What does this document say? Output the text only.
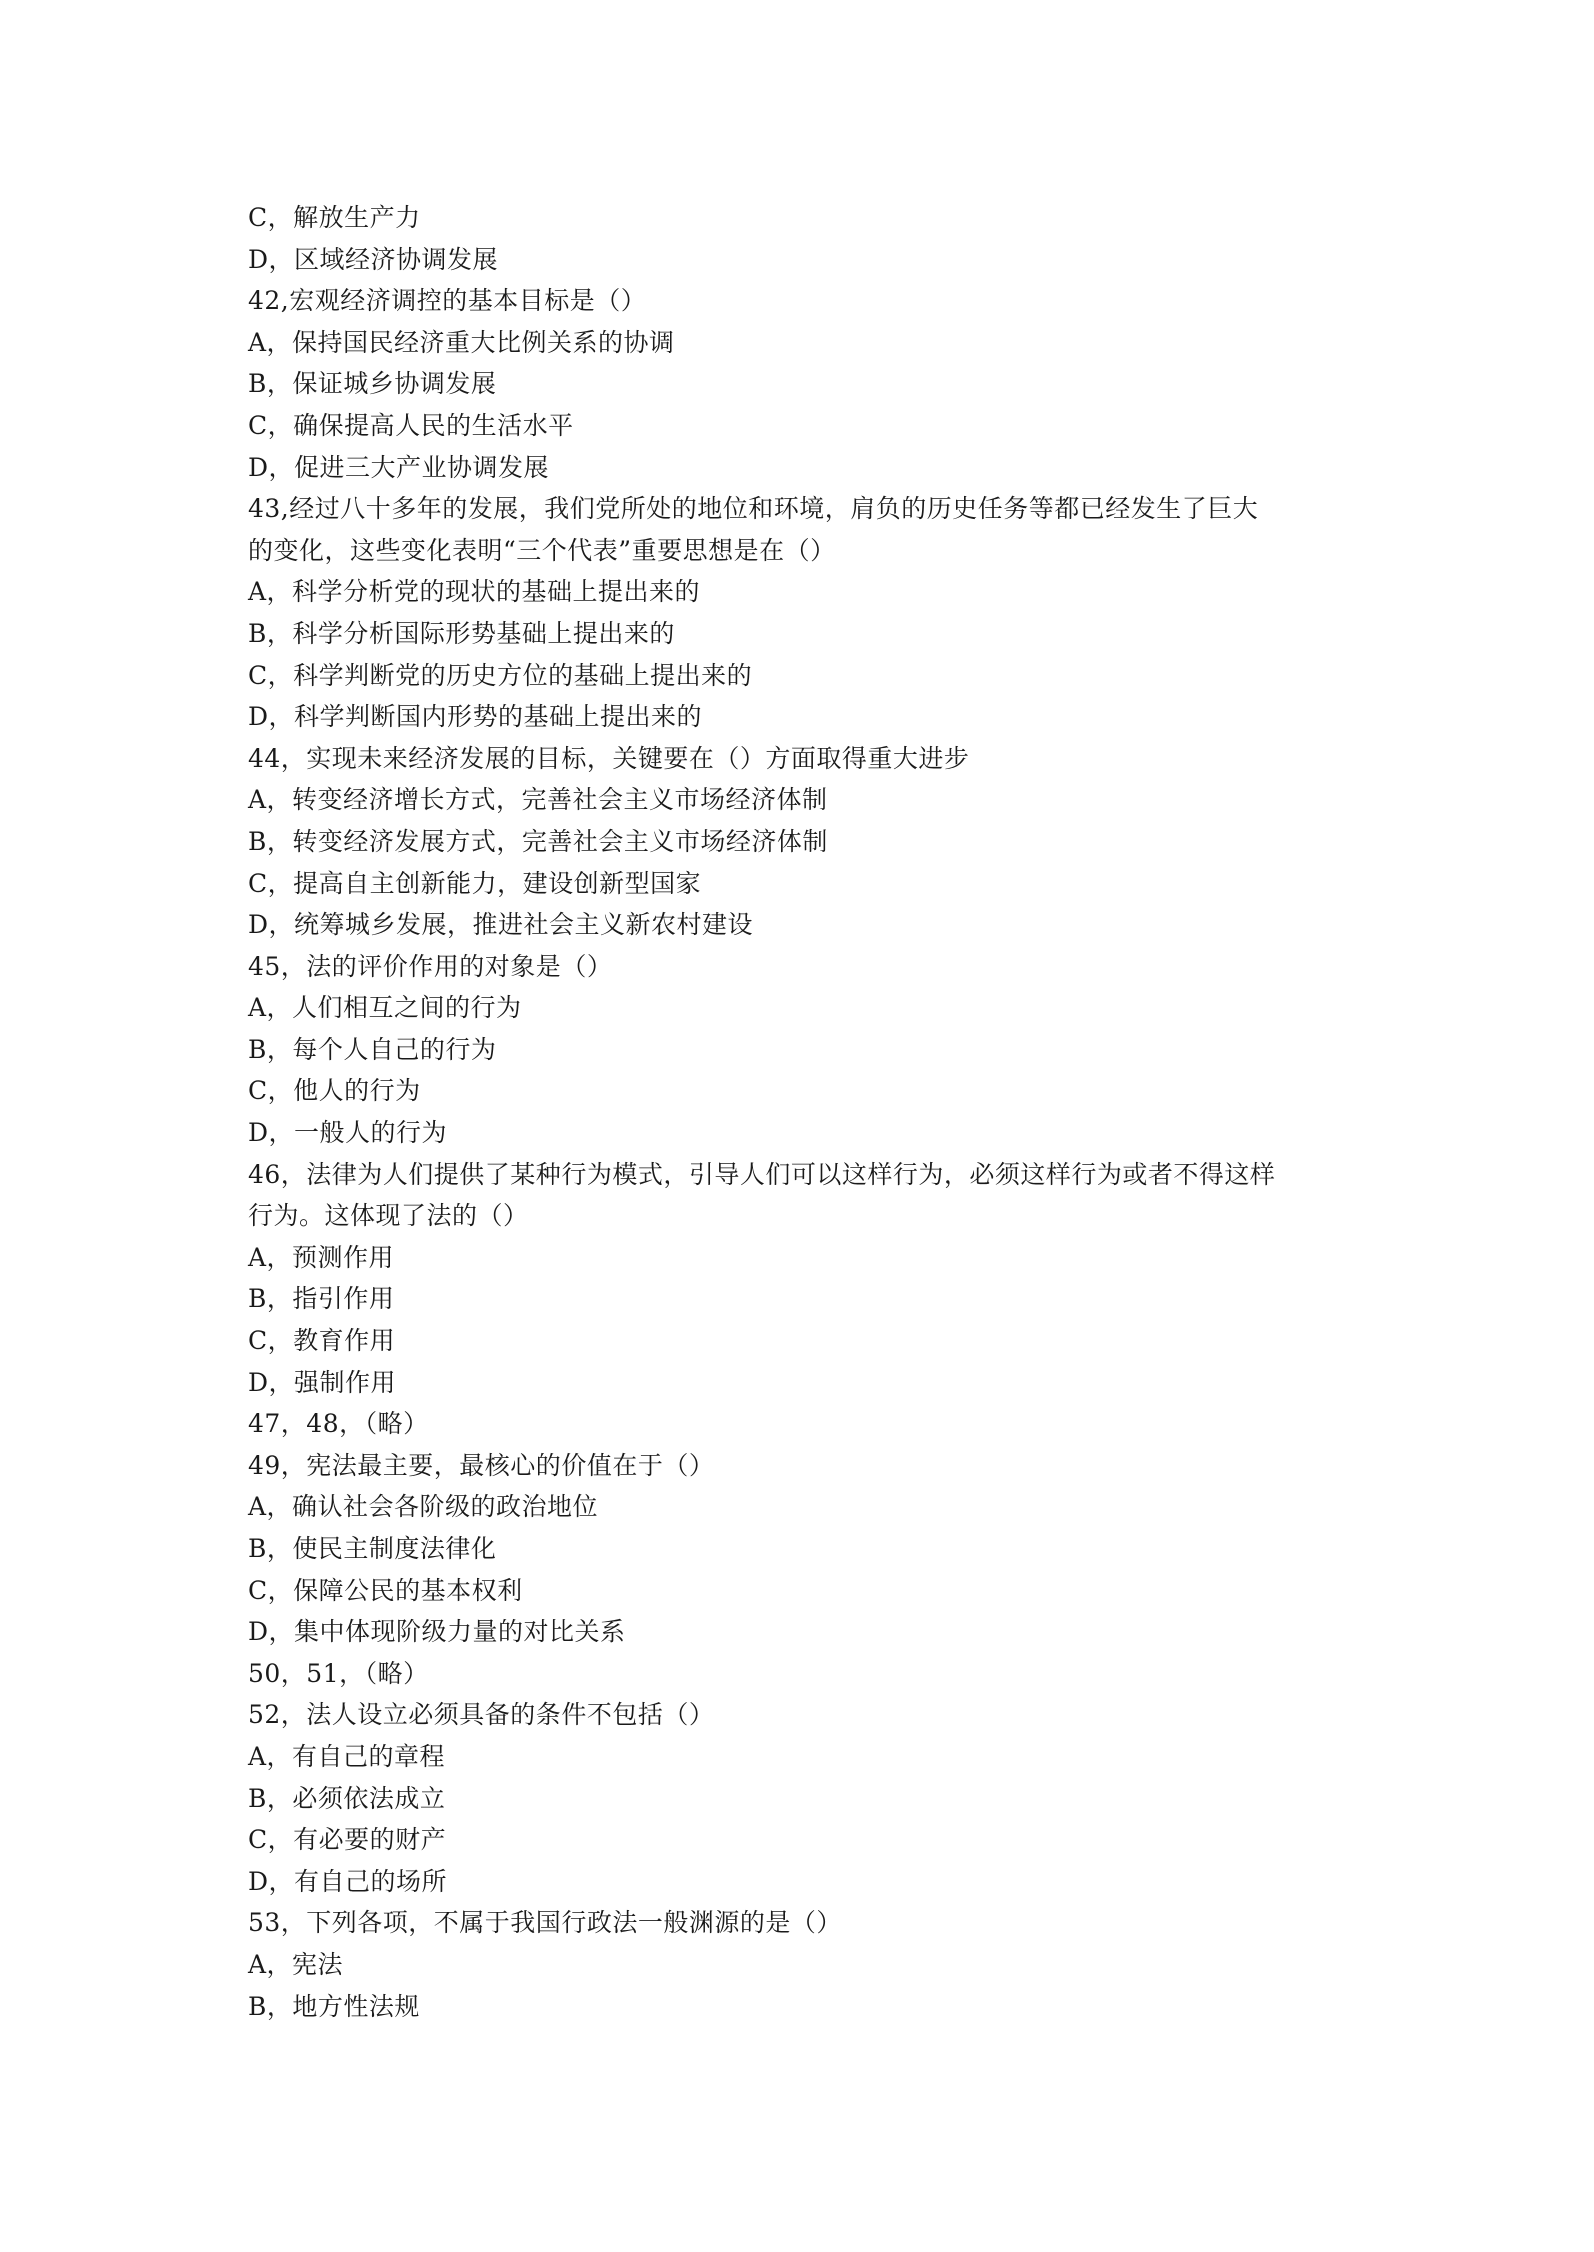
C，解放生产力
D，区域经济协调发展
42,宏观经济调控的基本目标是（）
A，保持国民经济重大比例关系的协调
B，保证城乡协调发展
C，确保提高人民的生活水平
D，促进三大产业协调发展
43,经过八十多年的发展，我们党所处的地位和环境，肩负的历史任务等都已经发生了巨大
的变化，这些变化表明“三个代表”重要思想是在（）
A，科学分析党的现状的基础上提出来的
B，科学分析国际形势基础上提出来的
C，科学判断党的历史方位的基础上提出来的
D，科学判断国内形势的基础上提出来的
44，实现未来经济发展的目标，关键要在（）方面取得重大进步
A，转变经济增长方式，完善社会主义市场经济体制
B，转变经济发展方式，完善社会主义市场经济体制
C，提高自主创新能力，建设创新型国家
D，统筹城乡发展，推进社会主义新农村建设
45，法的评价作用的对象是（）
A，人们相互之间的行为
B，每个人自己的行为
C，他人的行为
D，一般人的行为
46，法律为人们提供了某种行为模式，引导人们可以这样行为，必须这样行为或者不得这样
行为。这体现了法的（）
A，预测作用
B，指引作用
C，教育作用
D，强制作用
47，48，（略）
49，宪法最主要，最核心的价值在于（）
A，确认社会各阶级的政治地位
B，使民主制度法律化
C，保障公民的基本权利
D，集中体现阶级力量的对比关系
50，51，（略）
52，法人设立必须具备的条件不包括（）
A，有自己的章程
B，必须依法成立
C，有必要的财产
D，有自己的场所
53，下列各项，不属于我国行政法一般渊源的是（）
A，宪法
B，地方性法规
